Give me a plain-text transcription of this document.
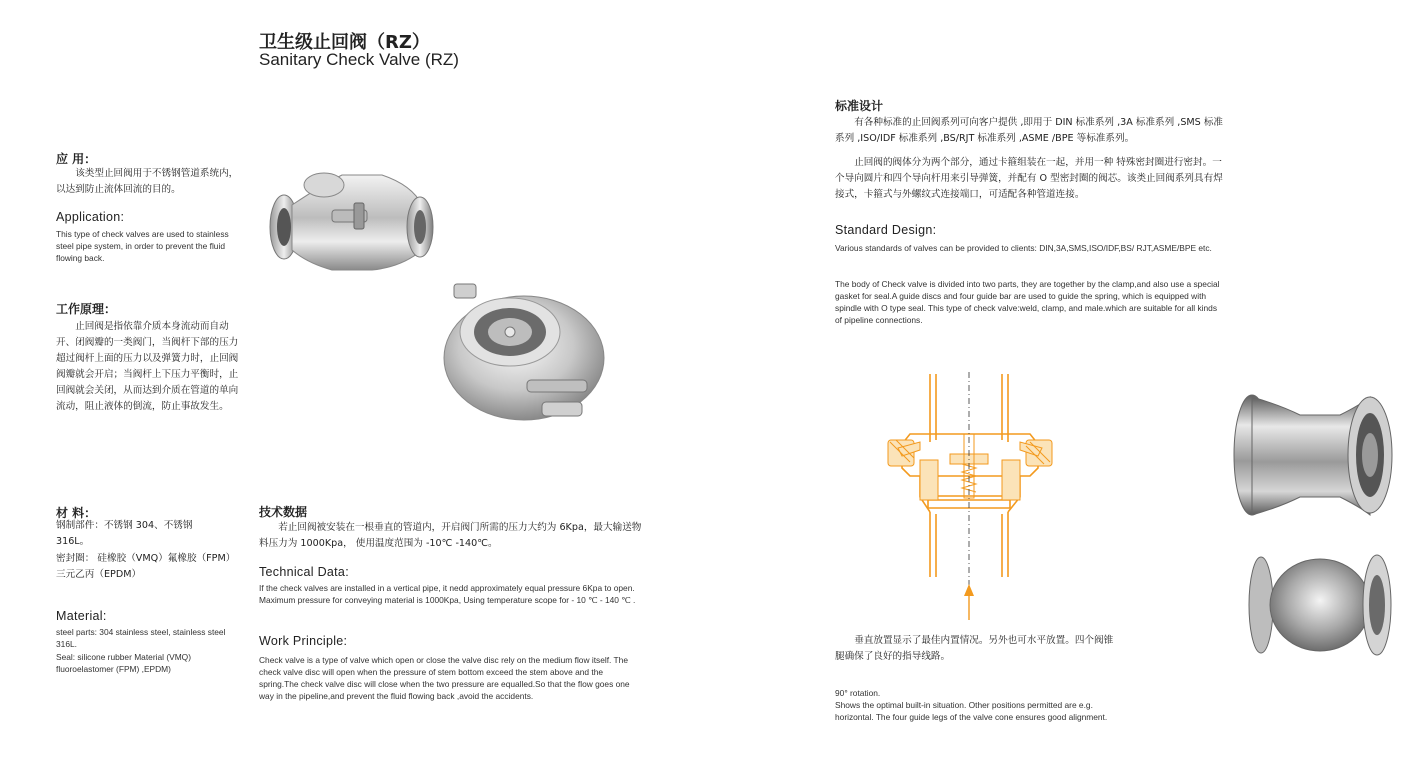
卫生级止回阀（RZ）
Sanitary Check Valve (RZ)
应 用：

该类型止回阀用于不锈钢管道系统内，以达到防止流体回流的目的。

Application:

This type of check valves are used to stainless steel pipe system, in order to prevent the fluid flowing back.

工作原理：

止回阀是指依靠介质本身流动而自动开、闭阀瓣的一类阀门，当阀杆下部的压力超过阀杆上面的压力以及弹簧力时，止回阀阀瓣就会开启；当阀杆上下压力平衡时，止回阀就会关闭，从而达到介质在管道的单向流动，阻止液体的倒流，防止事故发生。

材 料：

钢制部件：不锈钢 304、不锈钢 316L。

密封圈： 硅橡胶（VMQ）氟橡胶（FPM）三元乙丙（EPDM）

Material:

steel parts: 304 stainless steel, stainless steel 316L.

Seal: silicone rubber Material (VMQ) fluoroelastomer (FPM) ,EPDM)

技术数据

若止回阀被安装在一根垂直的管道内，开启阀门所需的压力大约为 6Kpa，最大输送物料压力为 1000Kpa， 使用温度范围为 -10℃ -140℃。

Technical Data:

If the check valves are installed in a vertical pipe, it nedd approximately equal pressure 6Kpa to open. Maximum pressure for conveying material is 1000Kpa, Using temperature scope for - 10 ℃ - 140 ℃ .

Work Principle:

Check valve is a type of valve which open or close the valve disc rely on the medium flow itself. The check valve disc will open when the pressure of stem bottom exceed the stem above and the spring.The check valve disc will close when the two pressure are equalled.So that the flow goes one way in the pipeline,and prevent the fluid flowing back ,avoid the accidents.

标准设计

有各种标准的止回阀系列可向客户提供 ,即用于 DIN 标准系列 ,3A 标准系列 ,SMS 标准系列 ,ISO/IDF 标准系列 ,BS/RJT 标准系列 ,ASME /BPE 等标准系列。

止回阀的阀体分为两个部分，通过卡箍组装在一起，并用一种 特殊密封圈进行密封。一个导向圆片和四个导向杆用来引导弹簧，并配有 O 型密封圈的阀芯。该类止回阀系列具有焊接式，卡箍式与外螺纹式连接端口，可适配各种管道连接。

Standard Design:

Various standards of valves can be provided to clients: DIN,3A,SMS,ISO/IDF,BS/ RJT,ASME/BPE etc.

The body of Check valve is divided into two parts, they are together by the clamp,and also use a special gasket for seal.A guide discs and four guide bar are used to guide the spring, which is equipped with spindle with O type seal. This type of check valve:weld, clamp, and male.which are suitable for all kinds of pipeline connections.

垂直放置显示了最佳内置情况。另外也可水平放置。四个阀锥腿确保了良好的指导线路。

90° rotation.

Shows the optimal built-in situation. Other positions permitted are e.g. horizontal. The four guide legs of the valve cone ensures good alignment.
